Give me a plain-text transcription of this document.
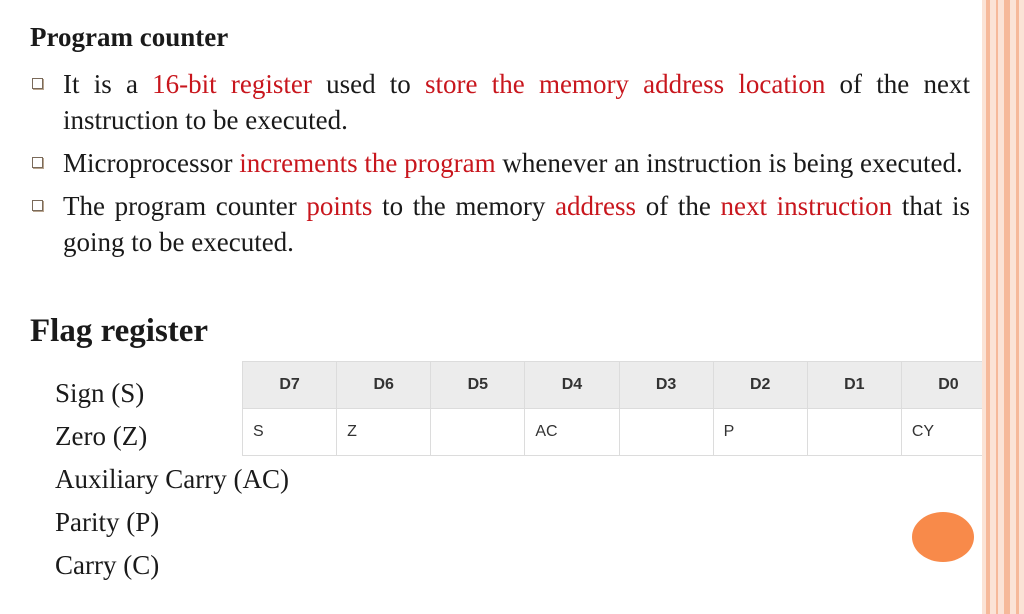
Program counter
It is a 16-bit register used to store the memory address location of the next instruction to be executed.
Microprocessor increments the program whenever an instruction is being executed.
The program counter points to the memory address of the next instruction that is going to be executed.
Flag register
Sign (S)
Zero (Z)
Auxiliary Carry (AC)
Parity (P)
Carry (C)
D7	D6	D5	D4	D3	D2	D1	D0
S	Z		AC		P		CY
